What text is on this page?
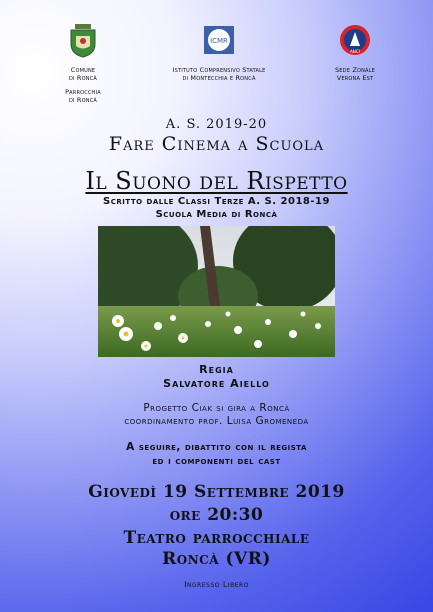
Comune
di Roncà
Parrocchia
di Roncà
ICMR
Istituto Comprensivo Statale
di Montecchia e Roncà
ANCI
Sede Zonale
Verona Est
A. S. 2019-20
Fare Cinema a Scuola
Il Suono del Rispetto
Scritto dalle Classi Terze A. S. 2018-19
Scuola Media di Roncà
Regia
Salvatore Aiello
Progetto Ciak si gira a Roncà
coordinamento prof. Luisa Gromeneda
A seguire, dibattito con il regista
ed i componenti del cast
Giovedì 19 Settembre 2019
ore 20:30
Teatro parrocchiale
Roncà (VR)
Ingresso Libero
